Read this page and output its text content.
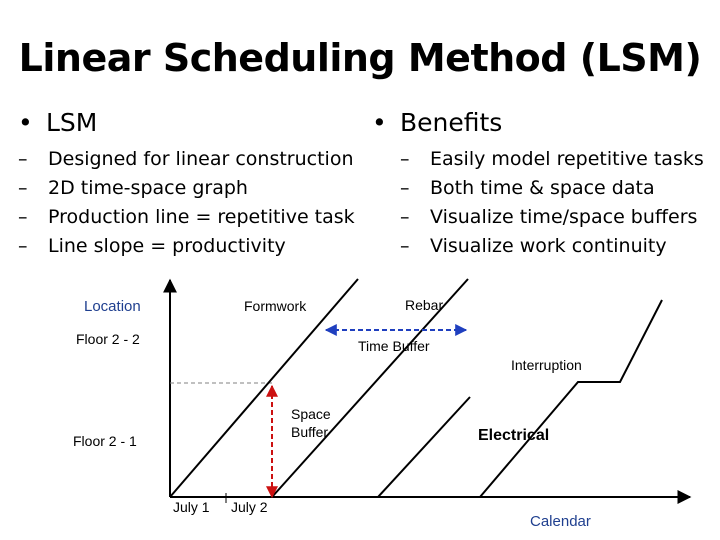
Linear Scheduling Method (LSM)
• LSM
–	Designed for linear construction
–	2D time-space graph
–	Production line = repetitive task
–	Line slope = productivity
• Benefits
–	Easily model repetitive tasks
–	Both time & space data
–	Visualize time/space buffers
–	Visualize work continuity
Location
Calendar
Floor 2 - 2
Floor 2 - 1
July 1 July 2
Formwork	Rebar
Electrical
Interruption
Time Buffer
Space
Buffer
